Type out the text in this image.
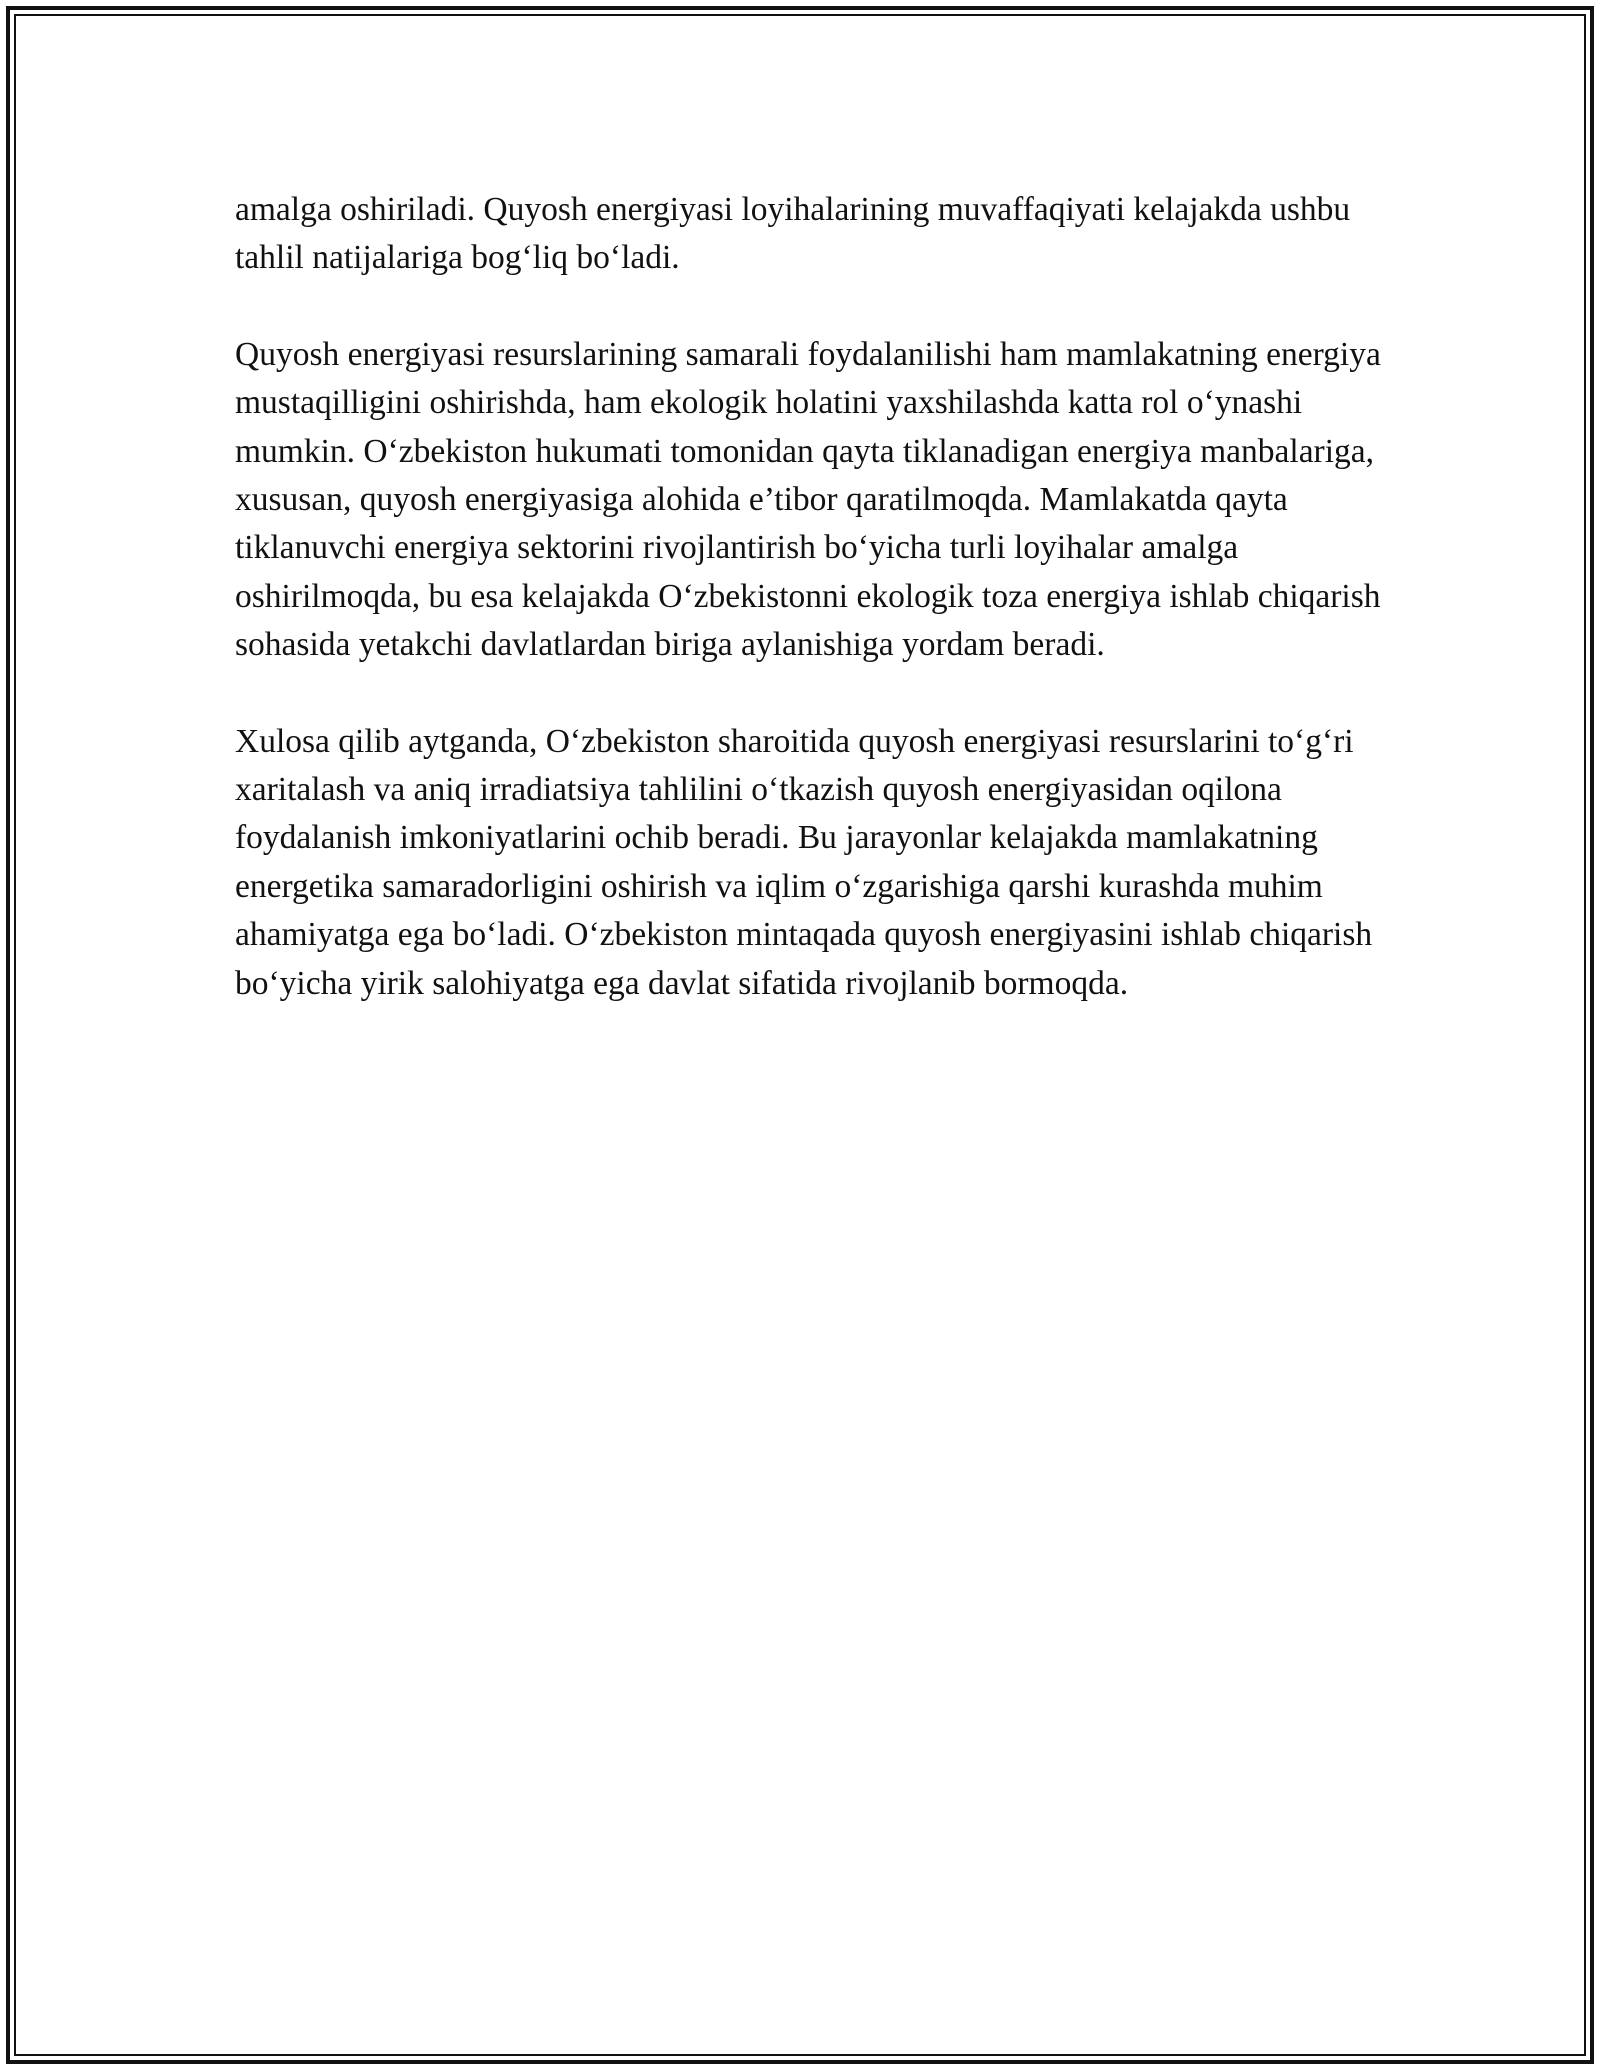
amalga oshiriladi. Quyosh energiyasi loyihalarining muvaffaqiyati kelajakda ushbu tahlil natijalariga bog‘liq bo‘ladi.

Quyosh energiyasi resurslarining samarali foydalanilishi ham mamlakatning energiya mustaqilligini oshirishda, ham ekologik holatini yaxshilashda katta rol o‘ynashi mumkin. O‘zbekiston hukumati tomonidan qayta tiklanadigan energiya manbalariga, xususan, quyosh energiyasiga alohida e’tibor qaratilmoqda. Mamlakatda qayta tiklanuvchi energiya sektorini rivojlantirish bo‘yicha turli loyihalar amalga oshirilmoqda, bu esa kelajakda O‘zbekistonni ekologik toza energiya ishlab chiqarish sohasida yetakchi davlatlardan biriga aylanishiga yordam beradi.

Xulosa qilib aytganda, O‘zbekiston sharoitida quyosh energiyasi resurslarini to‘g‘ri xaritalash va aniq irradiatsiya tahlilini o‘tkazish quyosh energiyasidan oqilona foydalanish imkoniyatlarini ochib beradi. Bu jarayonlar kelajakda mamlakatning energetika samaradorligini oshirish va iqlim o‘zgarishiga qarshi kurashda muhim ahamiyatga ega bo‘ladi. O‘zbekiston mintaqada quyosh energiyasini ishlab chiqarish bo‘yicha yirik salohiyatga ega davlat sifatida rivojlanib bormoqda.
